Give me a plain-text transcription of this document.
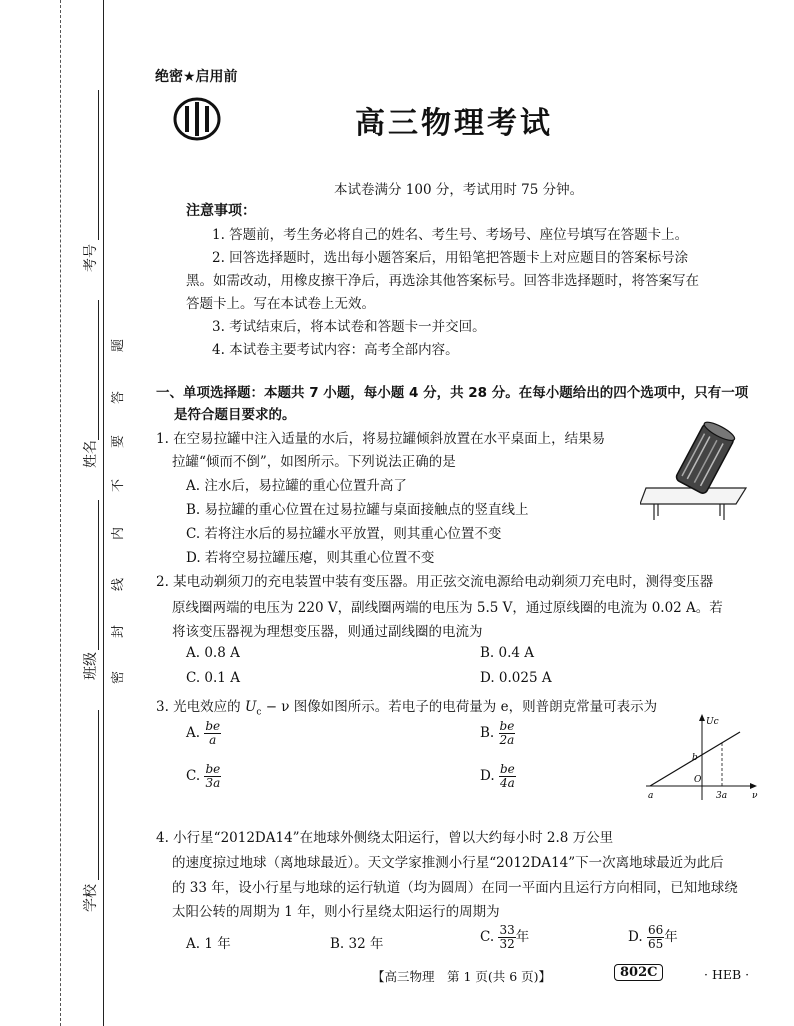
考号
姓名
班级
学校
题
答
要
不
内
线
封
密
绝密★启用前
高三物理考试
本试卷满分 100 分，考试用时 75 分钟。
注意事项：
1. 答题前，考生务必将自己的姓名、考生号、考场号、座位号填写在答题卡上。
2. 回答选择题时，选出每小题答案后，用铅笔把答题卡上对应题目的答案标号涂
黑。如需改动，用橡皮擦干净后，再选涂其他答案标号。回答非选择题时，将答案写在
答题卡上。写在本试卷上无效。
3. 考试结束后，将本试卷和答题卡一并交回。
4. 本试卷主要考试内容：高考全部内容。
一、单项选择题：本题共 7 小题，每小题 4 分，共 28 分。在每小题给出的四个选项中，只有一项
是符合题目要求的。
1. 在空易拉罐中注入适量的水后，将易拉罐倾斜放置在水平桌面上，结果易
拉罐“倾而不倒”，如图所示。下列说法正确的是
A. 注水后，易拉罐的重心位置升高了
B. 易拉罐的重心位置在过易拉罐与桌面接触点的竖直线上
C. 若将注水后的易拉罐水平放置，则其重心位置不变
D. 若将空易拉罐压瘪，则其重心位置不变
2. 某电动剃须刀的充电装置中装有变压器。用正弦交流电源给电动剃须刀充电时，测得变压器
原线圈两端的电压为 220 V，副线圈两端的电压为 5.5 V，通过原线圈的电流为 0.02 A。若
将该变压器视为理想变压器，则通过副线圈的电流为
A. 0.8 A	B. 0.4 A
C. 0.1 A	D. 0.025 A
3. 光电效应的 $U_c - \nu$ 图像如图所示。若电子的电荷量为 e，则普朗克常量可表示为
A. $\frac{be}{a}$	B. $\frac{be}{2a}$
C. $\frac{be}{3a}$	D. $\frac{be}{4a}$
Uc
ν
O
b
a	3a
4. 小行星“2012DA14”在地球外侧绕太阳运行，曾以大约每小时 2.8 万公里
的速度掠过地球（离地球最近）。天文学家推测小行星“2012DA14”下一次离地球最近为此后
的 33 年，设小行星与地球的运行轨道（均为圆周）在同一平面内且运行方向相同，已知地球绕
太阳公转的周期为 1 年，则小行星绕太阳运行的周期为
A. 1 年	B. 32 年	C. $\frac{33}{32}$ 年	D. $\frac{66}{65}$ 年
【高三物理　第 1 页(共 6 页)】	802C	· HEB ·
